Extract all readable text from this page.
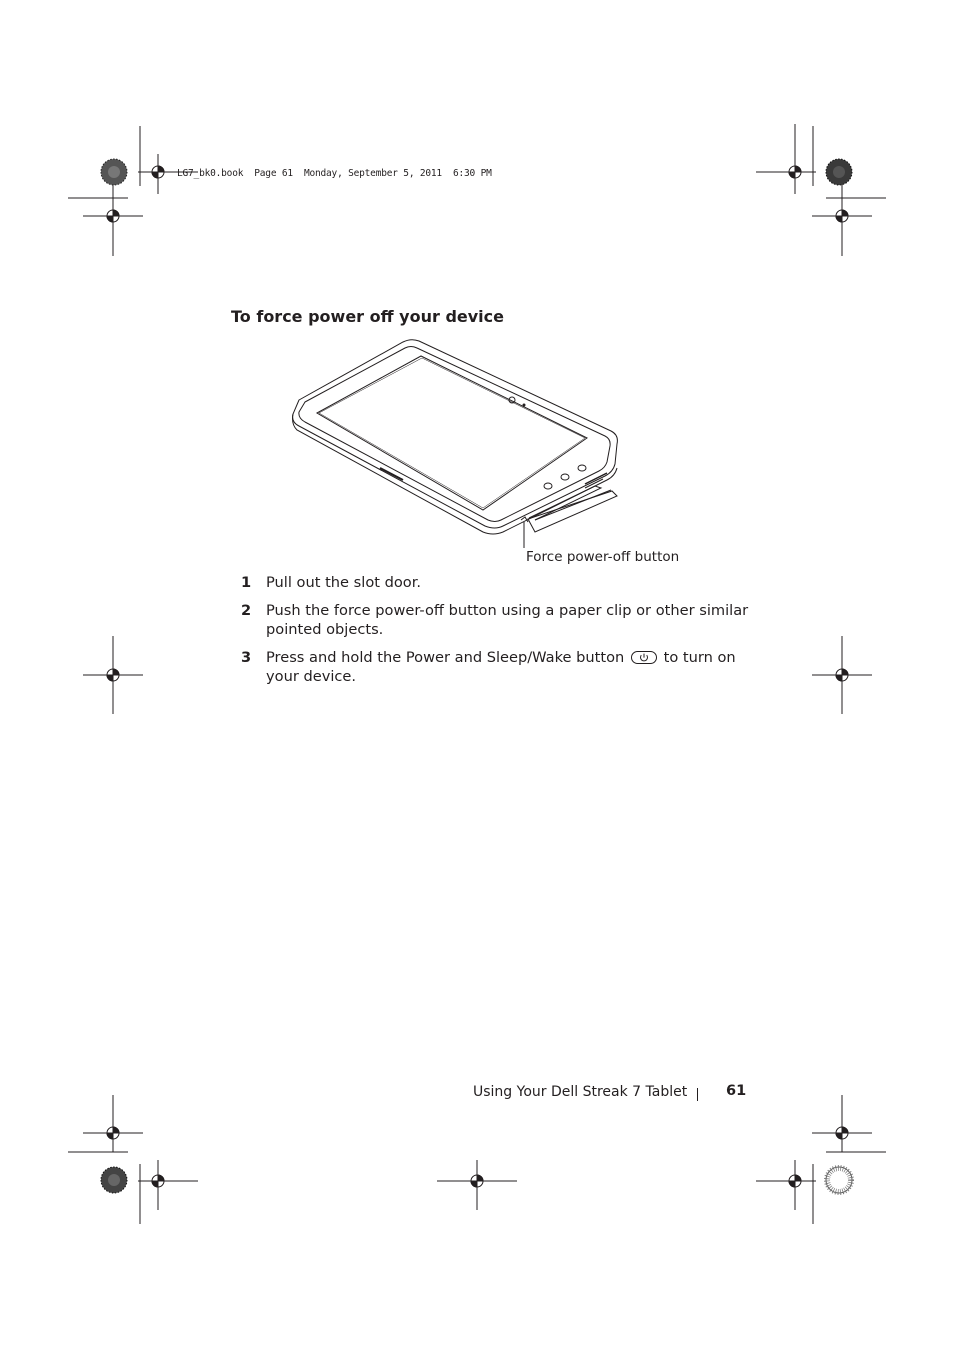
LG7_bk0.book  Page 61  Monday, September 5, 2011  6:30 PM
To force power off your device
Force power-off button
1 Pull out the slot door.
2 Push the force power-off button using a paper clip or other similar pointed objects.
3 Press and hold the Power and Sleep/Wake button	to turn on your device.
Using Your Dell Streak 7 Tablet	61
